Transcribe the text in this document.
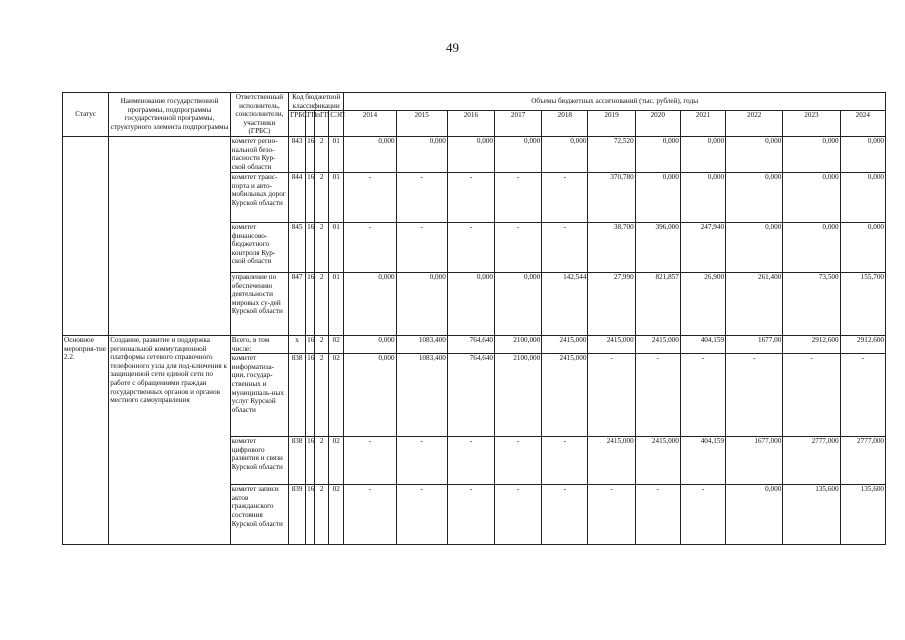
49
Статус	Наименование государственной программы, подпрограммы государственной программы, структурного элемента подпрограммы	Ответственный исполнитель, соисполнители, участники (ГРБС)	Код бюджетной классификации				Объемы бюджетных ассигнований (тыс. рублей), годы										
			ГРБС	ГП	пГП	СЭП	2014	2015	2016	2017	2018	2019	2020	2021	2022	2023	2024

		комитет регио-нальной безо-пасности Кур-ской области	843	16	2	01	0,000	0,000	0,000	0,000	0,000	72,520	0,000	0,000	0,000	0,000	0,000
		комитет транс-порта и авто-мобильных дорог Курской области	844	16	2	01	-	-	-	-	-	370,780	0,000	0,000	0,000	0,000	0,000
		комитет финансово-бюджетного контроля Кур-ской области	845	16	2	01	-	-	-	-	-	38,700	396,000	247,940	0,000	0,000	0,000
		управление по обеспечению деятельности мировых су-дей Курской области	847	16	2	01	0,000	0,000	0,000	0,000	142,544	27,990	821,857	26,900	261,400	73,500	155,700
Основное мероприя-тие 2.2.	Создание, развитие и поддержка региональной коммутационной платформы сетевого справочного телефонного узла для под-ключения к защищенной сети единой сети по работе с обращениями граждан государственных органов и органов местного самоуправления	Всего, в том числе:	x	16	2	02	0,000	1083,400	764,640	2100,000	2415,000	2415,000	2415,000	404,159	1677,00	2912,600	2912,600
		комитет информатиза-ции, государ-ственных и муниципаль-ных услуг Курской области	838	16	2	02	0,000	1083,400	764,640	2100,000	2415,000	-	-	-	-	-	-
		комитет цифрового развития и связи Курской области	838	16	2	02	-	-	-	-	-	2415,000	2415,000	404,159	1677,000	2777,000	2777,000
		комитет записи актов гражданского состояния Курской области	839	16	2	02	-	-	-	-	-	-	-	-	0,000	135,600	135,600
